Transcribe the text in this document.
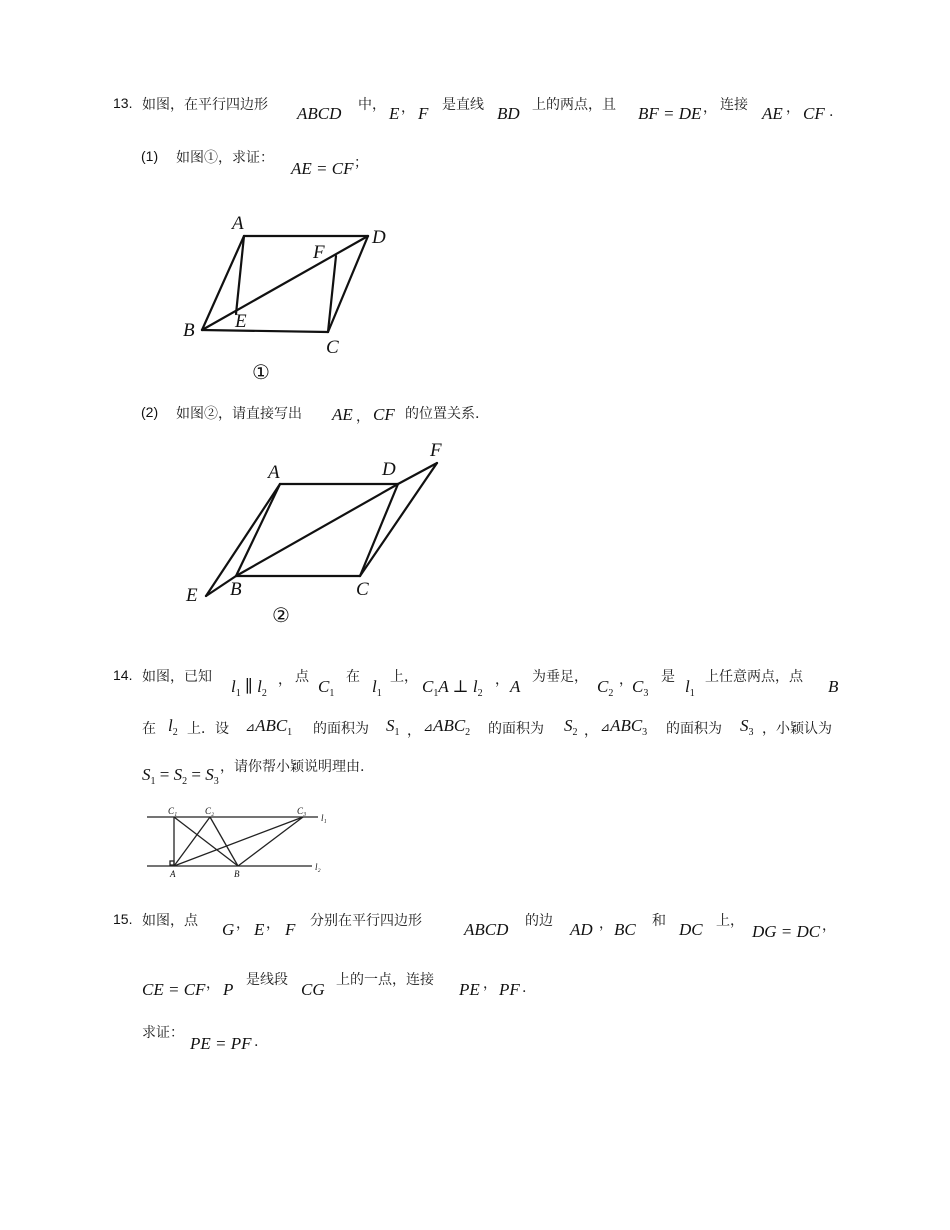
13. 如图，在平行四边形 ABCD 中， E ， F 是直线 BD 上的两点，且 BF = DE ， 连接 AE ， CF .
(1) 如图①，求证：
AE = CF ；
A
D
F
B E
C
①
(2) 如图②，请直接写出 AE ， CF 的位置关系.
A	D
F
E B	C
②
14. 如图，已知 $l_1$ ∥ $l_2$
， 点 $C_1$
在 $l_1$
上， $C_1A$ ⊥ $l_2$
， A 为垂足， $C_2$
， $C_3$
是 $l_1$
上任意两点，点 B
在 $l_2$ 上．设 $⊿ABC_1$ 的面积为 $S_1$ ， $⊿ABC_2$ 的面积为 $S_2$ ， $⊿ABC_3$ 的面积为 $S_3$ ，小颖认为
$S_1 = S_2 = S_3$
，请你帮小颖说明理由.
C₁	C₂	C₃
l₁
l₂
A	B
15. 如图，点 G ， E ， F 分别在平行四边形 ABCD 的边 AD ， BC 和 DC 上，
DG = DC ，
CE = CF ， P 是线段 CG 上的一点，连接 PE ， PF .
求证：
PE = PF .
